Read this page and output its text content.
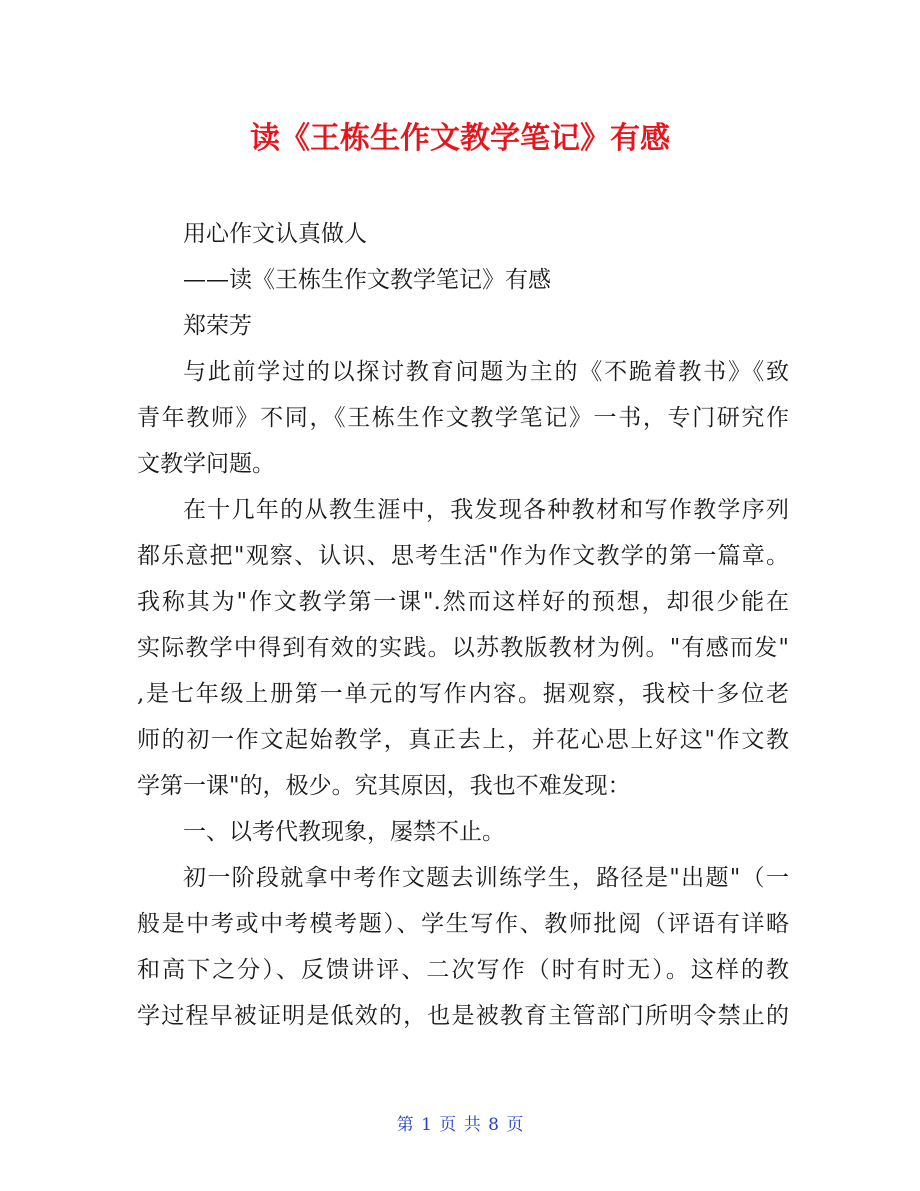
读《王栋生作文教学笔记》有感
用心作文认真做人
——读《王栋生作文教学笔记》有感
郑荣芳
与此前学过的以探讨教育问题为主的《不跪着教书》《致
青年教师》不同，《王栋生作文教学笔记》一书，专门研究作
文教学问题。
在十几年的从教生涯中，我发现各种教材和写作教学序列
都乐意把"观察、认识、思考生活"作为作文教学的第一篇章。
我称其为"作文教学第一课".然而这样好的预想，却很少能在
实际教学中得到有效的实践。以苏教版教材为例。"有感而发"
,是七年级上册第一单元的写作内容。据观察，我校十多位老
师的初一作文起始教学，真正去上，并花心思上好这"作文教
学第一课"的，极少。究其原因，我也不难发现：
一、以考代教现象，屡禁不止。
初一阶段就拿中考作文题去训练学生，路径是"出题"（一
般是中考或中考模考题）、学生写作、教师批阅（评语有详略
和高下之分）、反馈讲评、二次写作（时有时无）。这样的教
学过程早被证明是低效的，也是被教育主管部门所明令禁止的
第 1 页 共 8 页
